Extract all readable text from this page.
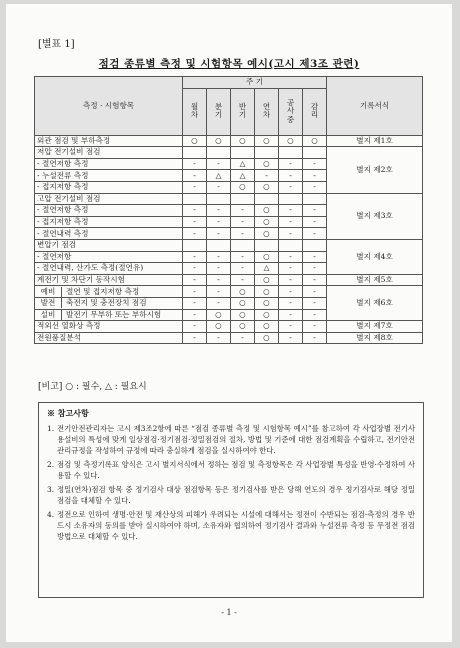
[별표 1]
점검 종류별 측정 및 시험항목 예시(고시 제3조 관련)
측정 · 시험항목	주 기						기록서식
	월차	분기	반기	연차	공사중	감리	
외관 점검 및 부하측정	○	○	○	○	○	○	별지 제1호
저압 전기설비 점검							별지 제2호
- 절연저항 측정	-	-	△	○	-	-	
- 누설전류 측정	-	△	△	-	-	-	
- 접지저항 측정	-	-	○	○	-	-	
고압 전기설비 점검							별지 제3호
- 절연저항 측정	-	-	-	○	-	-	
- 접지저항 측정	-	-	-	○	-	-	
- 절연내력 측정	-	-	-	○	-	-	
변압기 점검							별지 제4호
- 절연저항	-	-	-	○	-	-	
- 절연내력, 산가도 측정(절연유)	-	-	-	△	-	-	
계전기 및 차단기 동작시험	-	-	-	○	-	-	별지 제5호

예비 절연 및 접지저항 측정	-	-	○	○	-	-	별지 제6호

발전 축전지 및 충전장치 점검	-	-	○	○	-	-	

설비 발전기 무부하 또는 부하시험	-	○	○	○	-	-	
적외선 열화상 측정	-	○	○	○	-	-	별지 제7호
전원품질분석	-	-	-	○	-	-	별지 제8호
[비고] ○ : 필수, △ : 필요시
※ 참고사항
1. 전기안전관리자는 고시 제3조2항에 따른 “점검 종류별 측정 및 시험항목 예시”를 참고하여 각 사업장별 전기사용설비의 특성에 맞게 일상점검·정기점검·정밀점검의 절차, 방법 및 기준에 대한 점검계획을 수립하고, 전기안전관리규정을 작성하여 규정에 따라 충실하게 점검을 실시하여야 한다.
2. 점검 및 측정기록표 양식은 고시 별지서식에서 정하는 점검 및 측정항목은 각 사업장별 특성을 반영·수정하여 사용할 수 있다.
3. 정밀(연차)점검 항목 중 정기검사 대상 점검항목 등은 정기검사를 받은 당해 연도의 경우 정기검사로 해당 정밀점검을 대체할 수 있다.
4. 정전으로 인하여 생명·안전 및 재산상의 피해가 우려되는 시설에 대해서는 정전이 수반되는 점검·측정의 경우 반드시 소유자의 동의를 받아 실시하여야 하며, 소유자와 협의하여 정기검사 결과와 누설전류 측정 등 무정전 점검방법으로 대체할 수 있다.
- 1 -
